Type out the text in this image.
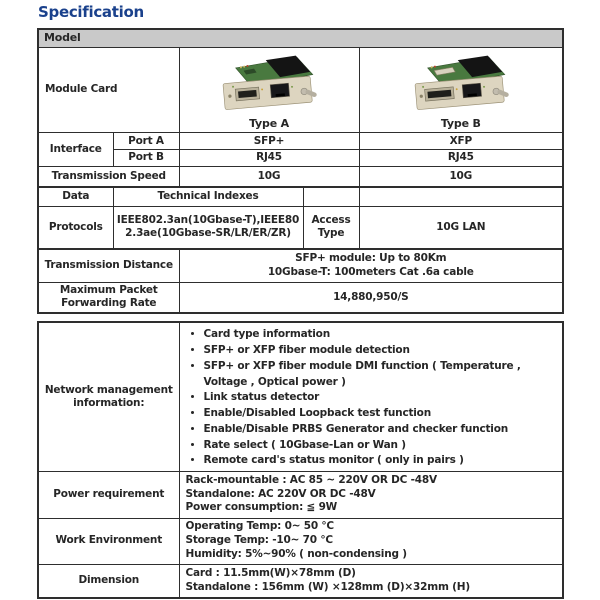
Specification
Model				
Module Card		Type A		Type B

Interface	Port A	SFP+		XFP
	Port B	RJ45		RJ45
Transmission Speed		10G		10G
Data	Technical Indexes			
Protocols	IEEE802.3an(10Gbase-T),IEEE802.3ae(10Gbase-SR/LR/ER/ZR)		Access Type	10G LAN
Transmission Distance		SFP+ module: Up to 80Km
10Gbase-T: 100meters Cat .6a cable		

Maximum Packet Forwarding Rate		14,880,950/S		
Network management information:	
• Card type information
• SFP+ or XFP fiber module detection
• SFP+ or XFP fiber module DMI function ( Temperature , Voltage , Optical power )
• Link status detector
• Enable/Disabled Loopback test function
• Enable/Disable PRBS Generator and checker function
• Rate select ( 10Gbase-Lan or Wan )
• Remote card's status monitor ( only in pairs )

Power requirement	Rack-mountable : AC 85 ~ 220V OR DC -48V
Standalone: AC 220V OR DC -48V
Power consumption: ≦ 9W

Work Environment	Operating Temp: 0~ 50 ℃
Storage Temp: -10~ 70 ℃
Humidity: 5%~90% ( non-condensing )

Dimension	Card : 11.5mm(W)×78mm (D)
Standalone : 156mm (W) ×128mm (D)×32mm (H)
